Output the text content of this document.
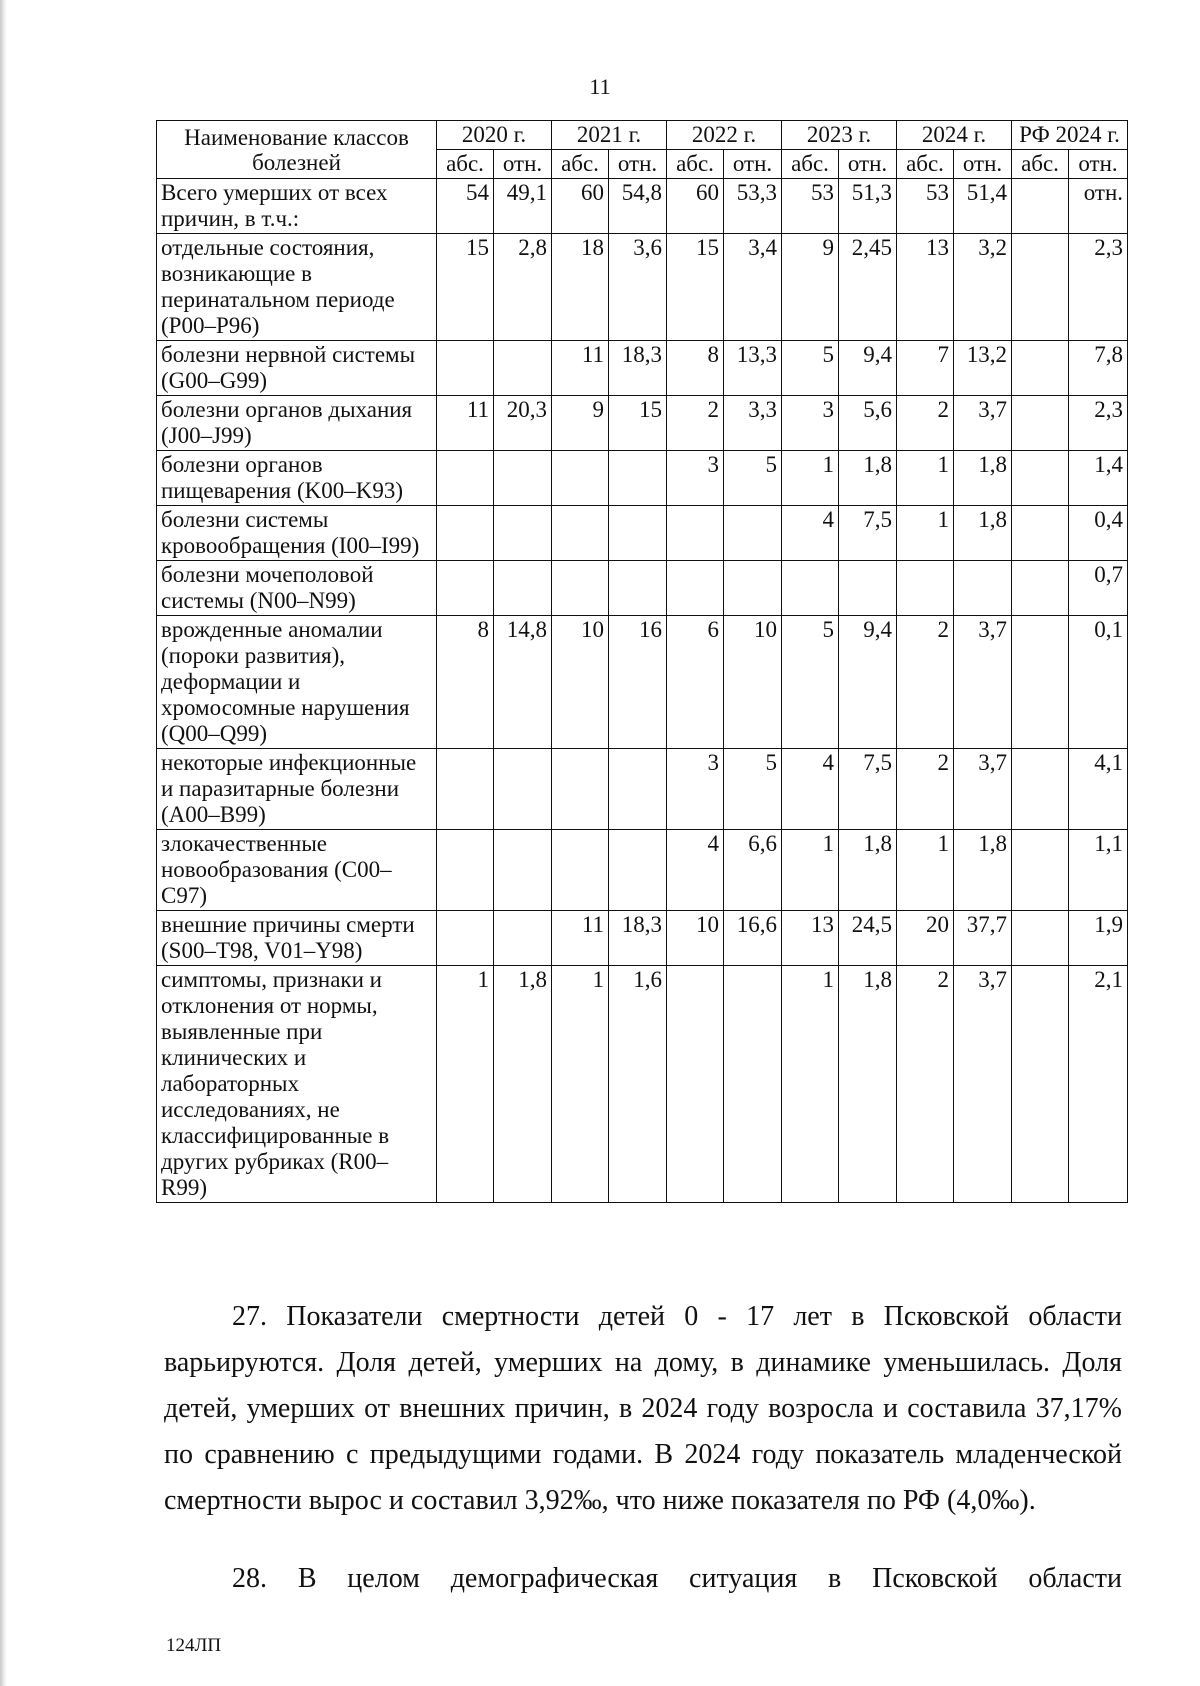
11
Наименование классов болезней	2020 г.		2021 г.		2022 г.		2023 г.		2024 г.		РФ 2024 г.	
	абс.	отн.	абс.	отн.	абс.	отн.	абс.	отн.	абс.	отн.	абс.	отн.
Всего умерших от всех причин, в т.ч.:	54	49,1	60	54,8	60	53,3	53	51,3	53	51,4		отн.
отдельные состояния, возникающие в перинатальном периоде (Р00–Р96)	15	2,8	18	3,6	15	3,4	9	2,45	13	3,2		2,3
болезни нервной системы (G00–G99)			11	18,3	8	13,3	5	9,4	7	13,2		7,8
болезни органов дыхания (J00–J99)	11	20,3	9	15	2	3,3	3	5,6	2	3,7		2,3
болезни органов пищеварения (K00–K93)					3	5	1	1,8	1	1,8		1,4
болезни системы кровообращения (I00–I99)							4	7,5	1	1,8		0,4
болезни мочеполовой системы (N00–N99)												0,7
врожденные аномалии (пороки развития), деформации и хромосомные нарушения (Q00–Q99)	8	14,8	10	16	6	10	5	9,4	2	3,7		0,1
некоторые инфекционные и паразитарные болезни (А00–В99)					3	5	4	7,5	2	3,7		4,1
злокачественные новообразования (С00–С97)					4	6,6	1	1,8	1	1,8		1,1
внешние причины смерти (S00–T98, V01–Y98)			11	18,3	10	16,6	13	24,5	20	37,7		1,9
симптомы, признаки и отклонения от нормы, выявленные при клинических и лабораторных исследованиях, не классифицированные в других рубриках (R00–R99)	1	1,8	1	1,6			1	1,8	2	3,7		2,1
27. Показатели смертности детей 0 - 17 лет в Псковской области варьируются. Доля детей, умерших на дому, в динамике уменьшилась. Доля детей, умерших от внешних причин, в 2024 году возросла и составила 37,17% по сравнению с предыдущими годами. В 2024 году показатель младенческой смертности вырос и составил 3,92‰, что ниже показателя по РФ (4,0‰).
28. В целом демографическая ситуация в Псковской области
124ЛП
